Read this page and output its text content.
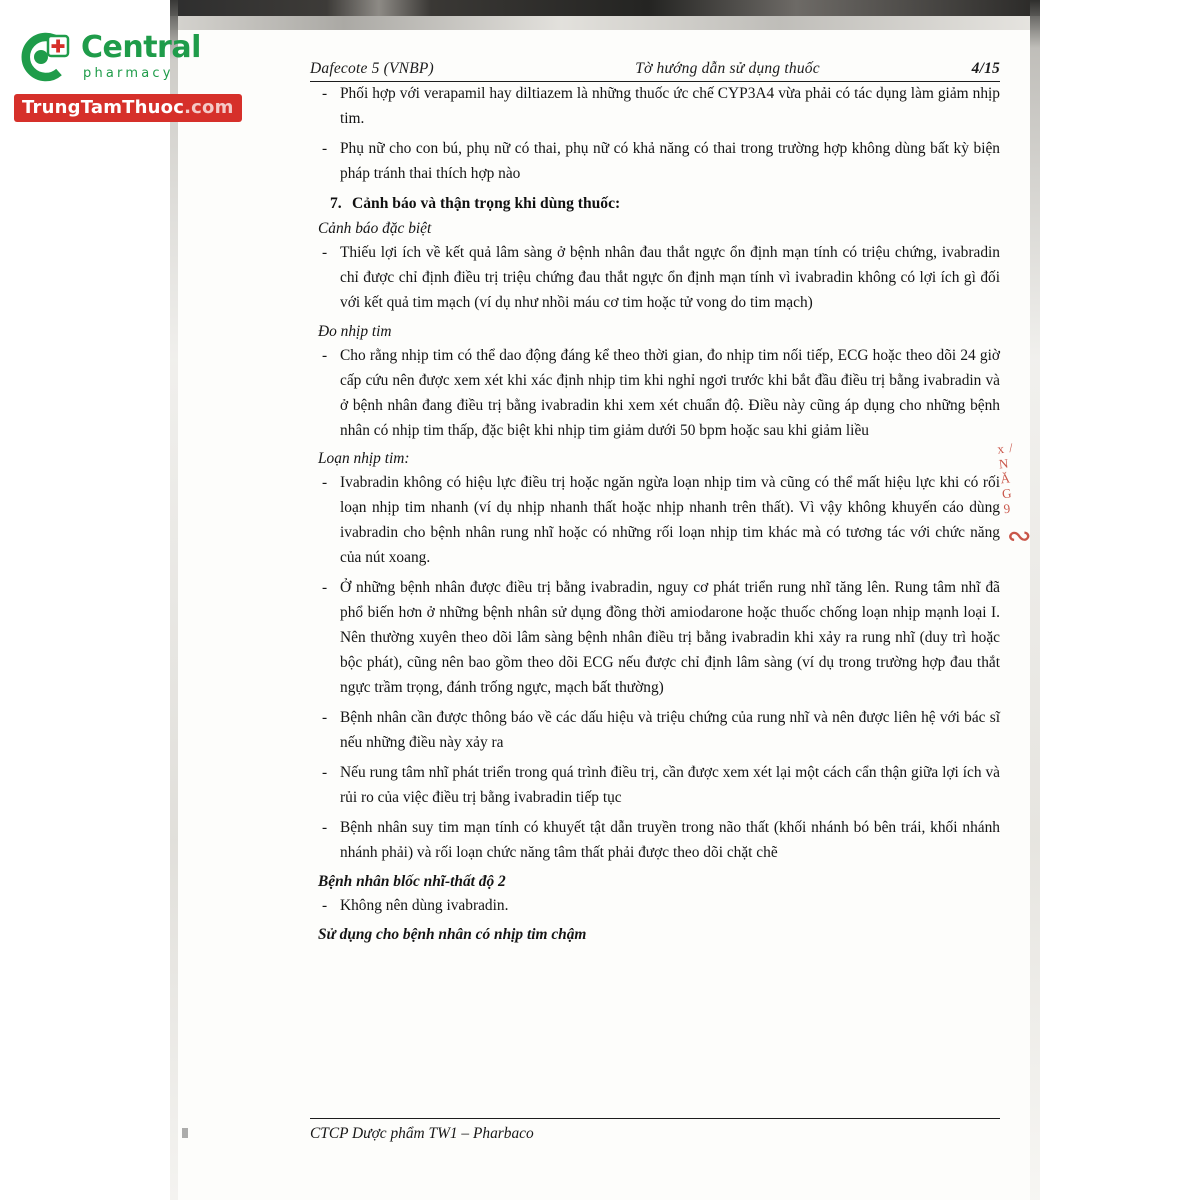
Dafecote 5 (VNBP)	Tờ hướng dẫn sử dụng thuốc	4/15
- Phối hợp với verapamil hay diltiazem là những thuốc ức chế CYP3A4 vừa phải có tác dụng làm giảm nhịp tim.
- Phụ nữ cho con bú, phụ nữ có thai, phụ nữ có khả năng có thai trong trường hợp không dùng bất kỳ biện pháp tránh thai thích hợp nào
7. Cảnh báo và thận trọng khi dùng thuốc:
Cảnh báo đặc biệt
- Thiếu lợi ích về kết quả lâm sàng ở bệnh nhân đau thắt ngực ổn định mạn tính có triệu chứng, ivabradin chỉ được chỉ định điều trị triệu chứng đau thắt ngực ổn định mạn tính vì ivabradin không có lợi ích gì đối với kết quả tim mạch (ví dụ như nhồi máu cơ tim hoặc tử vong do tim mạch)
Đo nhịp tim
- Cho rằng nhịp tim có thể dao động đáng kể theo thời gian, đo nhịp tim nối tiếp, ECG hoặc theo dõi 24 giờ cấp cứu nên được xem xét khi xác định nhịp tim khi nghỉ ngơi trước khi bắt đầu điều trị bằng ivabradin và ở bệnh nhân đang điều trị bằng ivabradin khi xem xét chuẩn độ. Điều này cũng áp dụng cho những bệnh nhân có nhịp tim thấp, đặc biệt khi nhịp tim giảm dưới 50 bpm hoặc sau khi giảm liều
Loạn nhịp tim:
- Ivabradin không có hiệu lực điều trị hoặc ngăn ngừa loạn nhịp tim và cũng có thể mất hiệu lực khi có rối loạn nhịp tim nhanh (ví dụ nhịp nhanh thất hoặc nhịp nhanh trên thất). Vì vậy không khuyến cáo dùng ivabradin cho bệnh nhân rung nhĩ hoặc có những rối loạn nhịp tim khác mà có tương tác với chức năng của nút xoang.
- Ở những bệnh nhân được điều trị bằng ivabradin, nguy cơ phát triển rung nhĩ tăng lên. Rung tâm nhĩ đã phổ biến hơn ở những bệnh nhân sử dụng đồng thời amiodarone hoặc thuốc chống loạn nhịp mạnh loại I. Nên thường xuyên theo dõi lâm sàng bệnh nhân điều trị bằng ivabradin khi xảy ra rung nhĩ (duy trì hoặc bộc phát), cũng nên bao gồm theo dõi ECG nếu được chỉ định lâm sàng (ví dụ trong trường hợp đau thắt ngực trầm trọng, đánh trống ngực, mạch bất thường)
- Bệnh nhân cần được thông báo về các dấu hiệu và triệu chứng của rung nhĩ và nên được liên hệ với bác sĩ nếu những điều này xảy ra
- Nếu rung tâm nhĩ phát triển trong quá trình điều trị, cần được xem xét lại một cách cẩn thận giữa lợi ích và rủi ro của việc điều trị bằng ivabradin tiếp tục
- Bệnh nhân suy tim mạn tính có khuyết tật dẫn truyền trong não thất (khối nhánh bó bên trái, khối nhánh nhánh phải) và rối loạn chức năng tâm thất phải được theo dõi chặt chẽ
Bệnh nhân blốc nhĩ-thất độ 2
- Không nên dùng ivabradin.
Sử dụng cho bệnh nhân có nhịp tim chậm
CTCP Dược phẩm TW1 – Pharbaco
x /
N
Ă
G
9
∾
Central
pharmacy
TrungTamThuoc.com
